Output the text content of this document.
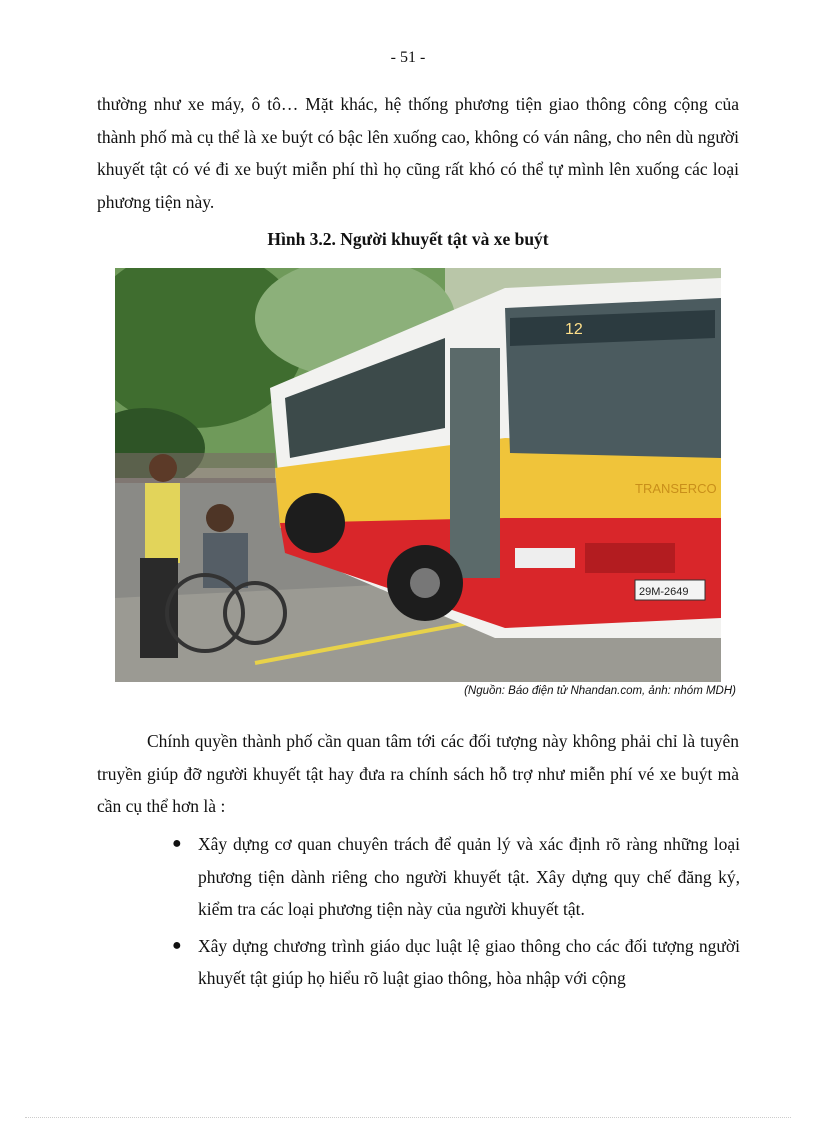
- 51 -

thường như xe máy, ô tô… Mặt khác, hệ thống phương tiện giao thông công cộng của thành phố mà cụ thể là xe buýt có bậc lên xuống cao, không có ván nâng, cho nên dù người khuyết tật có vé đi xe buýt miễn phí thì họ cũng rất khó có thể tự mình lên xuống các loại phương tiện này.

Hình 3.2. Người khuyết tật và xe buýt
12
TRANSERCO
29M-2649
(Nguồn: Báo điện tử Nhandan.com, ảnh: nhóm MDH)

Chính quyền thành phố cần quan tâm tới các đối tượng này không phải chỉ là tuyên truyền giúp đỡ người khuyết tật hay đưa ra chính sách hỗ trợ như miễn phí vé xe buýt mà cần cụ thể hơn là :

● Xây dựng cơ quan chuyên trách để quản lý và xác định rõ ràng những loại phương tiện dành riêng cho người khuyết tật. Xây dựng quy chế đăng ký, kiểm tra các loại phương tiện này của người khuyết tật.
● Xây dựng chương trình giáo dục luật lệ giao thông cho các đối tượng người khuyết tật giúp họ hiểu rõ luật giao thông, hòa nhập với cộng
